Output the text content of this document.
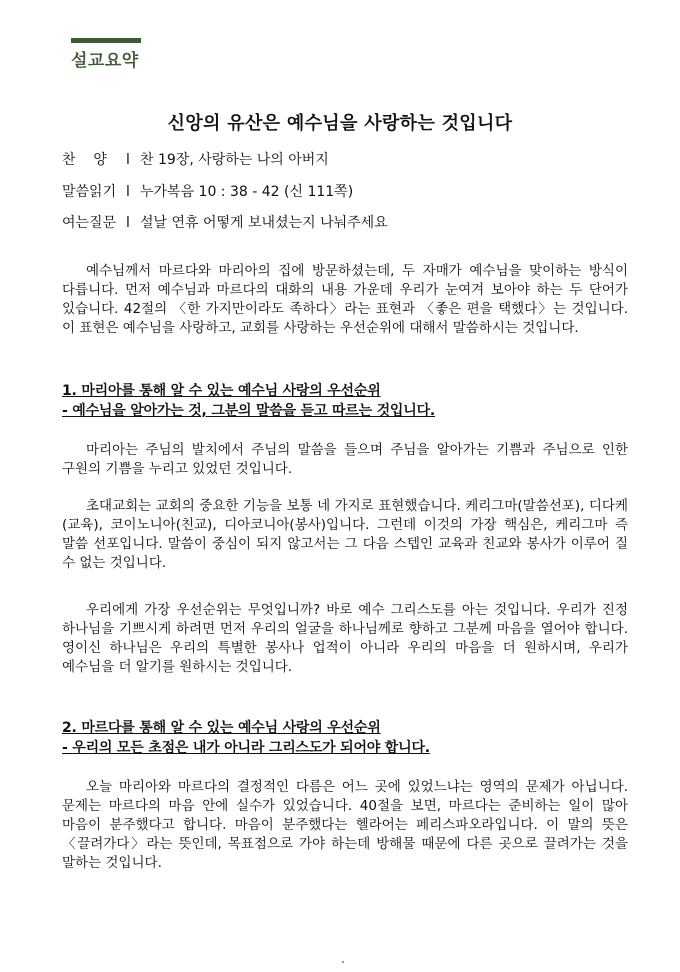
설교요약
신앙의 유산은 예수님을 사랑하는 것입니다
찬    양 l 찬 19장, 사랑하는 나의 아버지
말씀읽기 l 누가복음 10 : 38 - 42 (신 111쪽)
여는질문 l 설날 연휴 어떻게 보내셨는지 나눠주세요

예수님께서 마르다와 마리아의 집에 방문하셨는데, 두 자매가 예수님을 맞이하는 방식이 다릅니다. 먼저 예수님과 마르다의 대화의 내용 가운데 우리가 눈여겨 보아야 하는 두 단어가 있습니다. 42절의 〈한 가지만이라도 족하다〉라는 표현과 〈좋은 편을 택했다〉는 것입니다. 이 표현은 예수님을 사랑하고, 교회를 사랑하는 우선순위에 대해서 말씀하시는 것입니다.

1. 마리아를 통해 알 수 있는 예수님 사랑의 우선순위

- 예수님을 알아가는 것, 그분의 말씀을 듣고 따르는 것입니다.

마리아는 주님의 발치에서 주님의 말씀을 들으며 주님을 알아가는 기쁨과 주님으로 인한 구원의 기쁨을 누리고 있었던 것입니다.

초대교회는 교회의 중요한 기능을 보통 네 가지로 표현했습니다. 케리그마(말씀선포), 디다케(교육), 코이노니아(친교), 디아코니아(봉사)입니다. 그런데 이것의 가장 핵심은, 케리그마 즉 말씀 선포입니다. 말씀이 중심이 되지 않고서는 그 다음 스텝인 교육과 친교와 봉사가 이루어 질 수 없는 것입니다.

우리에게 가장 우선순위는 무엇입니까? 바로 예수 그리스도를 아는 것입니다. 우리가 진정 하나님을 기쁘시게 하려면 먼저 우리의 얼굴을 하나님께로 향하고 그분께 마음을 열어야 합니다. 영이신 하나님은 우리의 특별한 봉사나 업적이 아니라 우리의 마음을 더 원하시며, 우리가 예수님을 더 알기를 원하시는 것입니다.

2. 마르다를 통해 알 수 있는 예수님 사랑의 우선순위

- 우리의 모든 초점은 내가 아니라 그리스도가 되어야 합니다.

오늘 마리아와 마르다의 결정적인 다름은 어느 곳에 있었느냐는 영역의 문제가 아닙니다. 문제는 마르다의 마음 안에 실수가 있었습니다. 40절을 보면, 마르다는 준비하는 일이 많아 마음이 분주했다고 합니다. 마음이 분주했다는 헬라어는 페리스파오라입니다. 이 말의 뜻은 〈끌려가다〉라는 뜻인데, 목표점으로 가야 하는데 방해물 때문에 다른 곳으로 끌려가는 것을 말하는 것입니다.
